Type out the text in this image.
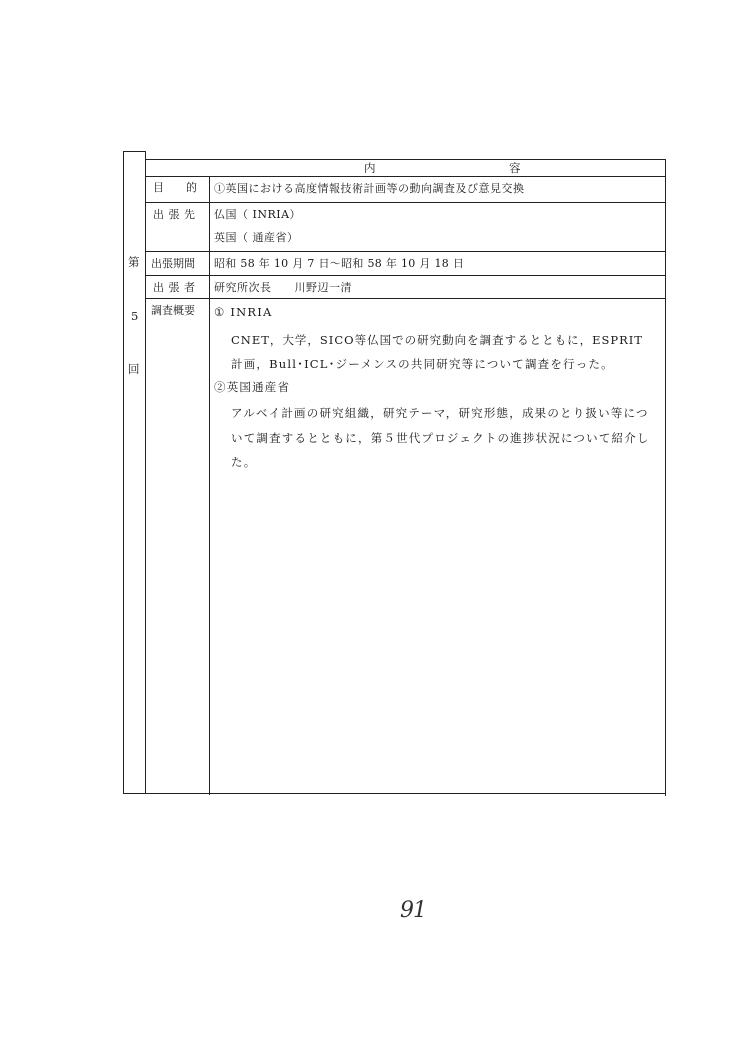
第
5
回
内	容
目　　的 ①英国における高度情報技術計画等の動向調査及び意見交換
出 張 先 仏国（ INRIA）
英国（ 通産省）
出張期間 昭和 58 年 10 月 7 日～昭和 58 年 10 月 18 日
出 張 者 研究所次長　　川野辺一清
調査概要 ① INRIA
CNET，大学，SICO等仏国での研究動向を調査するとともに，ESPRIT
計画，Bull･ICL･ジーメンスの共同研究等について調査を行った。
②英国通産省
アルベイ計画の研究組織，研究テーマ，研究形態，成果のとり扱い等につ
いて調査するとともに，第５世代プロジェクトの進捗状況について紹介し
た。
91
